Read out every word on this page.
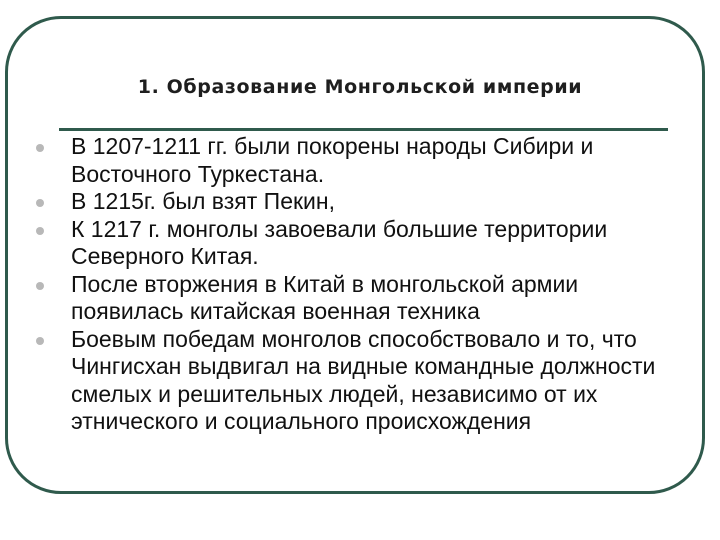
1. Образование Монгольской империи
В 1207-1211 гг. были покорены народы Сибири и Восточного Туркестана.
В 1215г. был взят Пекин,
К 1217 г. монголы завоевали большие территории Северного Китая.
После вторжения в Китай в монгольской армии появилась китайская военная техника
Боевым победам монголов способствовало и то, что Чингисхан выдвигал на видные командные должности смелых и решительных людей, независимо от их этнического и социального происхождения
